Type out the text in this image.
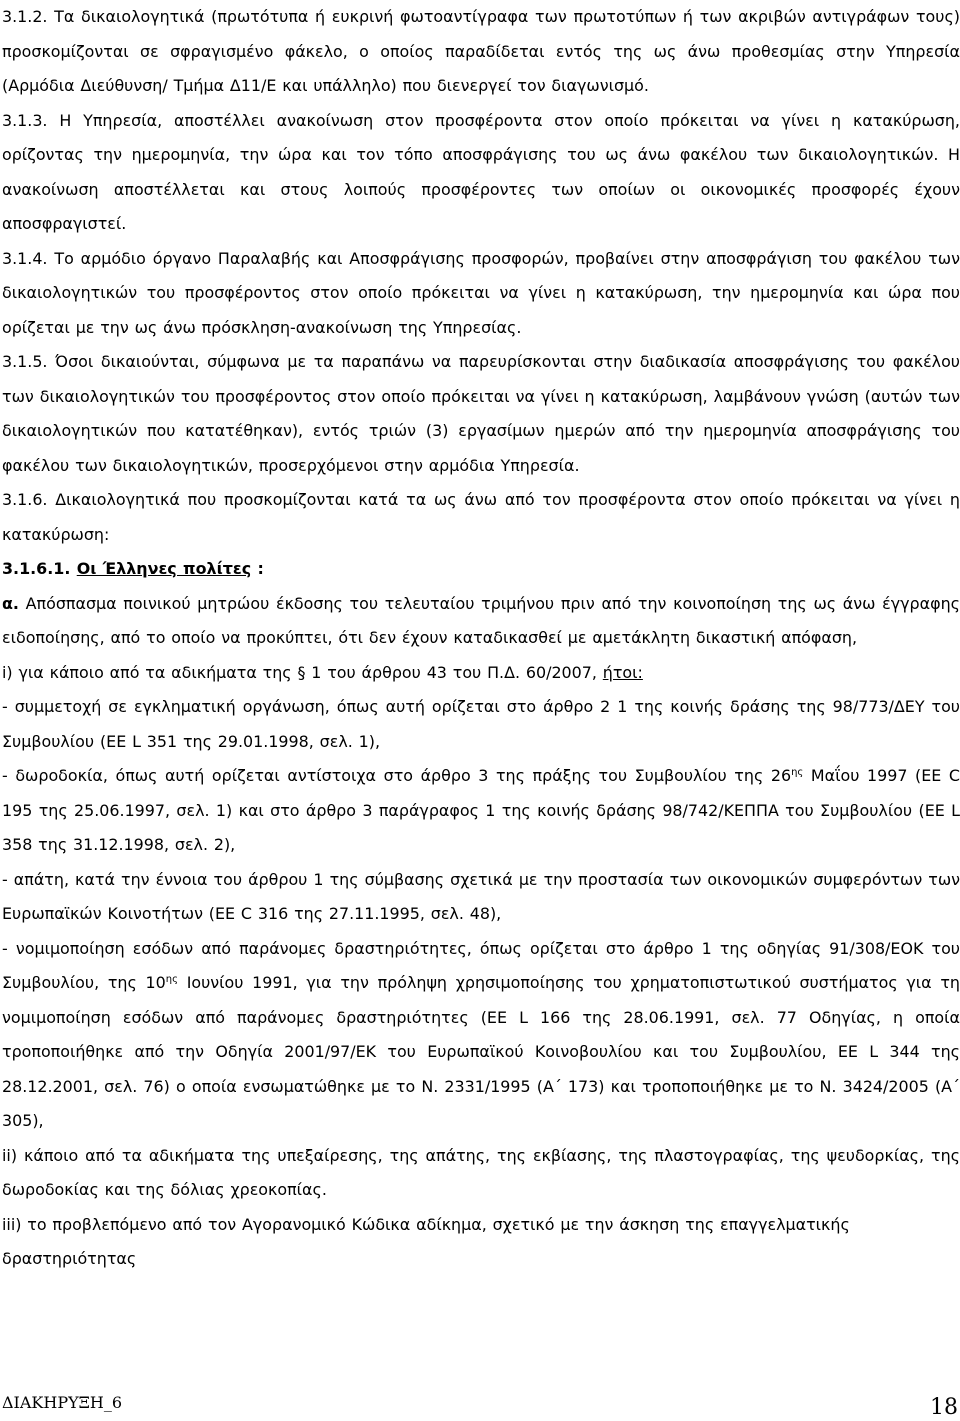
3.1.2. Τα δικαιολογητικά (πρωτότυπα ή ευκρινή φωτοαντίγραφα των πρωτοτύπων ή των ακριβών αντιγράφων τους) προσκομίζονται σε σφραγισμένο φάκελο, ο οποίος παραδίδεται εντός της ως άνω προθεσμίας στην Υπηρεσία (Αρμόδια Διεύθυνση/ Τμήμα Δ11/Ε και υπάλληλο) που διενεργεί τον διαγωνισμό.

3.1.3. Η Υπηρεσία, αποστέλλει ανακοίνωση στον προσφέροντα στον οποίο πρόκειται να γίνει η κατακύρωση, ορίζοντας την ημερομηνία, την ώρα και τον τόπο αποσφράγισης του ως άνω φακέλου των δικαιολογητικών. Η ανακοίνωση αποστέλλεται και στους λοιπούς προσφέροντες των οποίων οι οικονομικές προσφορές έχουν αποσφραγιστεί.

3.1.4. Το αρμόδιο όργανο Παραλαβής και Αποσφράγισης προσφορών, προβαίνει στην αποσφράγιση του φακέλου των δικαιολογητικών του προσφέροντος στον οποίο πρόκειται να γίνει η κατακύρωση, την ημερομηνία και ώρα που ορίζεται με την ως άνω πρόσκληση-ανακοίνωση της Υπηρεσίας.

3.1.5. Όσοι δικαιούνται, σύμφωνα με τα παραπάνω να παρευρίσκονται στην διαδικασία αποσφράγισης του φακέλου των δικαιολογητικών του προσφέροντος στον οποίο πρόκειται να γίνει η κατακύρωση, λαμβάνουν γνώση (αυτών των δικαιολογητικών που κατατέθηκαν), εντός τριών (3) εργασίμων ημερών από την ημερομηνία αποσφράγισης του φακέλου των δικαιολογητικών, προσερχόμενοι στην αρμόδια Υπηρεσία.

3.1.6. Δικαιολογητικά που προσκομίζονται κατά τα ως άνω από τον προσφέροντα στον οποίο πρόκειται να γίνει η κατακύρωση:

3.1.6.1. Οι Έλληνες πολίτες :

α. Απόσπασμα ποινικού μητρώου έκδοσης του τελευταίου τριμήνου πριν από την κοινοποίηση της ως άνω έγγραφης ειδοποίησης, από το οποίο να προκύπτει, ότι δεν έχουν καταδικασθεί με αμετάκλητη δικαστική απόφαση,

i) για κάποιο από τα αδικήματα της § 1 του άρθρου 43 του Π.Δ. 60/2007, ήτοι:

- συμμετοχή σε εγκληματική οργάνωση, όπως αυτή ορίζεται στο άρθρο 2 1 της κοινής δράσης της 98/773/ΔΕΥ του Συμβουλίου (ΕΕ L 351 της 29.01.1998, σελ. 1),

- δωροδοκία, όπως αυτή ορίζεται αντίστοιχα στο άρθρο 3 της πράξης του Συμβουλίου της $26^{\eta\varsigma}$ Μαΐου 1997 (ΕΕ C 195 της 25.06.1997, σελ. 1) και στο άρθρο 3 παράγραφος 1 της κοινής δράσης 98/742/ΚΕΠΠΑ του Συμβουλίου (ΕΕ L 358 της 31.12.1998, σελ. 2),

- απάτη, κατά την έννοια του άρθρου 1 της σύμβασης σχετικά με την προστασία των οικονομικών συμφερόντων των Ευρωπαϊκών Κοινοτήτων (ΕΕ C 316 της 27.11.1995, σελ. 48),

- νομιμοποίηση εσόδων από παράνομες δραστηριότητες, όπως ορίζεται στο άρθρο 1 της οδηγίας 91/308/ΕΟΚ του Συμβουλίου, της $10^{\eta\varsigma}$ Ιουνίου 1991, για την πρόληψη χρησιμοποίησης του χρηματοπιστωτικού συστήματος για τη νομιμοποίηση εσόδων από παράνομες δραστηριότητες (ΕΕ L 166 της 28.06.1991, σελ. 77 Οδηγίας, η οποία τροποποιήθηκε από την Οδηγία 2001/97/ΕΚ του Ευρωπαϊκού Κοινοβουλίου και του Συμβουλίου, ΕΕ L 344 της 28.12.2001, σελ. 76) ο οποία ενσωματώθηκε με το Ν. 2331/1995 (Α΄ 173) και τροποποιήθηκε με το Ν. 3424/2005 (Α΄ 305),

ii) κάποιο από τα αδικήματα της υπεξαίρεσης, της απάτης, της εκβίασης, της πλαστογραφίας, της ψευδορκίας, της δωροδοκίας και της δόλιας χρεοκοπίας.

iii) το προβλεπόμενο από τον Αγορανομικό Κώδικα αδίκημα, σχετικό με την άσκηση της επαγγελματικής δραστηριότητας

ΔΙΑΚΗΡΥΞΗ_6	18
